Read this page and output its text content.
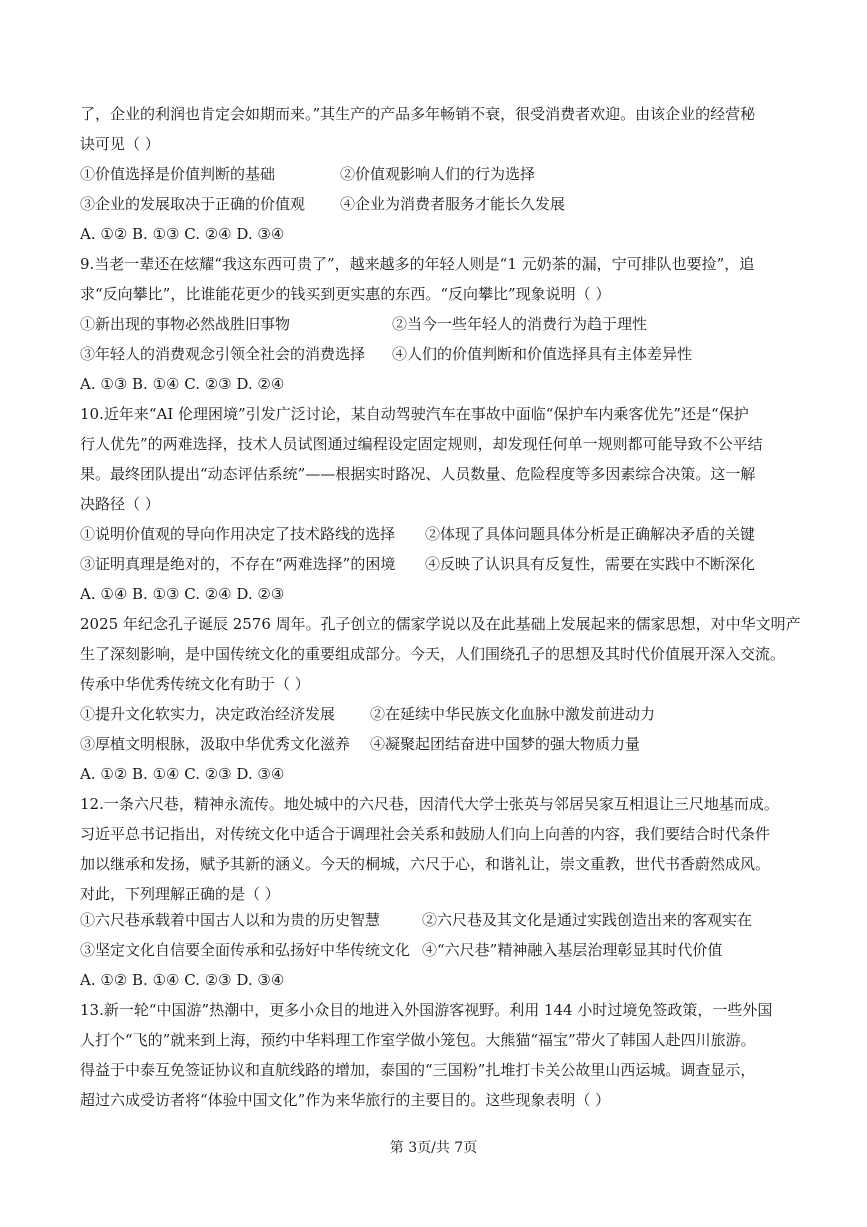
了，企业的利润也肯定会如期而来。”其生产的产品多年畅销不衰，很受消费者欢迎。由该企业的经营秘
诀可见（ ）
①价值选择是价值判断的基础	②价值观影响人们的行为选择
③企业的发展取决于正确的价值观 ④企业为消费者服务才能长久发展
A. ①② B. ①③ C. ②④ D. ③④
9.当老一辈还在炫耀“我这东西可贵了”，越来越多的年轻人则是“1 元奶茶的漏，宁可排队也要捡”，追
求“反向攀比”，比谁能花更少的钱买到更实惠的东西。“反向攀比”现象说明（ ）
①新出现的事物必然战胜旧事物	②当今一些年轻人的消费行为趋于理性
③年轻人的消费观念引领全社会的消费选择 ④人们的价值判断和价值选择具有主体差异性
A. ①③ B. ①④ C. ②③ D. ②④
10.近年来“AI 伦理困境”引发广泛讨论，某自动驾驶汽车在事故中面临“保护车内乘客优先”还是“保护
行人优先”的两难选择，技术人员试图通过编程设定固定规则，却发现任何单一规则都可能导致不公平结
果。最终团队提出“动态评估系统”——根据实时路况、人员数量、危险程度等多因素综合决策。这一解
决路径（ ）
①说明价值观的导向作用决定了技术路线的选择 ②体现了具体问题具体分析是正确解决矛盾的关键
③证明真理是绝对的，不存在“两难选择”的困境 ④反映了认识具有反复性，需要在实践中不断深化
A. ①④ B. ①③ C. ②④ D. ②③
2025 年纪念孔子诞辰 2576 周年。孔子创立的儒家学说以及在此基础上发展起来的儒家思想，对中华文明产
生了深刻影响，是中国传统文化的重要组成部分。今天，人们围绕孔子的思想及其时代价值展开深入交流。
传承中华优秀传统文化有助于（ ）
①提升文化软实力，决定政治经济发展 ②在延续中华民族文化血脉中激发前进动力
③厚植文明根脉，汲取中华优秀文化滋养 ④凝聚起团结奋进中国梦的强大物质力量
A. ①② B. ①④ C. ②③ D. ③④
12.一条六尺巷，精神永流传。地处城中的六尺巷，因清代大学士张英与邻居吴家互相退让三尺地基而成。
习近平总书记指出，对传统文化中适合于调理社会关系和鼓励人们向上向善的内容，我们要结合时代条件
加以继承和发扬，赋予其新的涵义。今天的桐城，六尺于心，和谐礼让，崇文重教，世代书香蔚然成风。
对此，下列理解正确的是（ ）
①六尺巷承载着中国古人以和为贵的历史智慧	②六尺巷及其文化是通过实践创造出来的客观实在
③坚定文化自信要全面传承和弘扬好中华传统文化 ④“六尺巷”精神融入基层治理彰显其时代价值
A. ①② B. ①④ C. ②③ D. ③④
13.新一轮“中国游”热潮中，更多小众目的地进入外国游客视野。利用 144 小时过境免签政策，一些外国
人打个“飞的”就来到上海，预约中华料理工作室学做小笼包。大熊猫“福宝”带火了韩国人赴四川旅游。
得益于中泰互免签证协议和直航线路的增加，泰国的“三国粉”扎堆打卡关公故里山西运城。调查显示，
超过六成受访者将“体验中国文化”作为来华旅行的主要目的。这些现象表明（ ）
第 3页/共 7页
